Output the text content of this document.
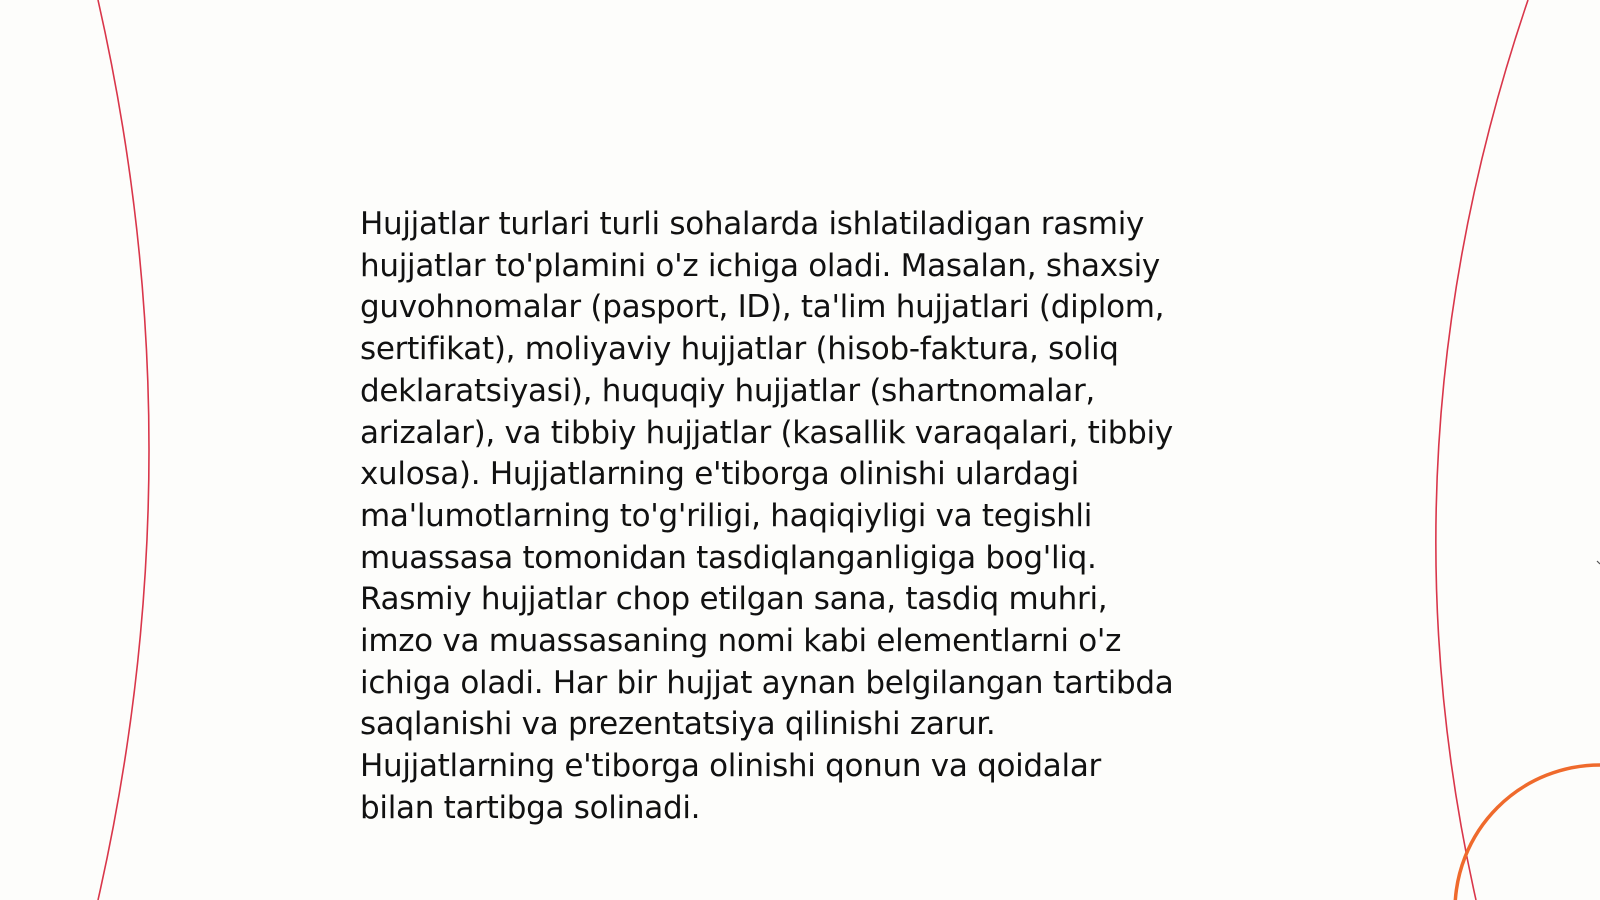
Hujjatlar turlari turli sohalarda ishlatiladigan rasmiy
hujjatlar to'plamini o'z ichiga oladi. Masalan, shaxsiy
guvohnomalar (pasport, ID), ta'lim hujjatlari (diplom,
sertifikat), moliyaviy hujjatlar (hisob-faktura, soliq
deklaratsiyasi), huquqiy hujjatlar (shartnomalar,
arizalar), va tibbiy hujjatlar (kasallik varaqalari, tibbiy
xulosa). Hujjatlarning e'tiborga olinishi ulardagi
ma'lumotlarning to'g'riligi, haqiqiyligi va tegishli
muassasa tomonidan tasdiqlanganligiga bog'liq.
Rasmiy hujjatlar chop etilgan sana, tasdiq muhri,
imzo va muassasaning nomi kabi elementlarni o'z
ichiga oladi. Har bir hujjat aynan belgilangan tartibda
saqlanishi va prezentatsiya qilinishi zarur.
Hujjatlarning e'tiborga olinishi qonun va qoidalar
bilan tartibga solinadi.
